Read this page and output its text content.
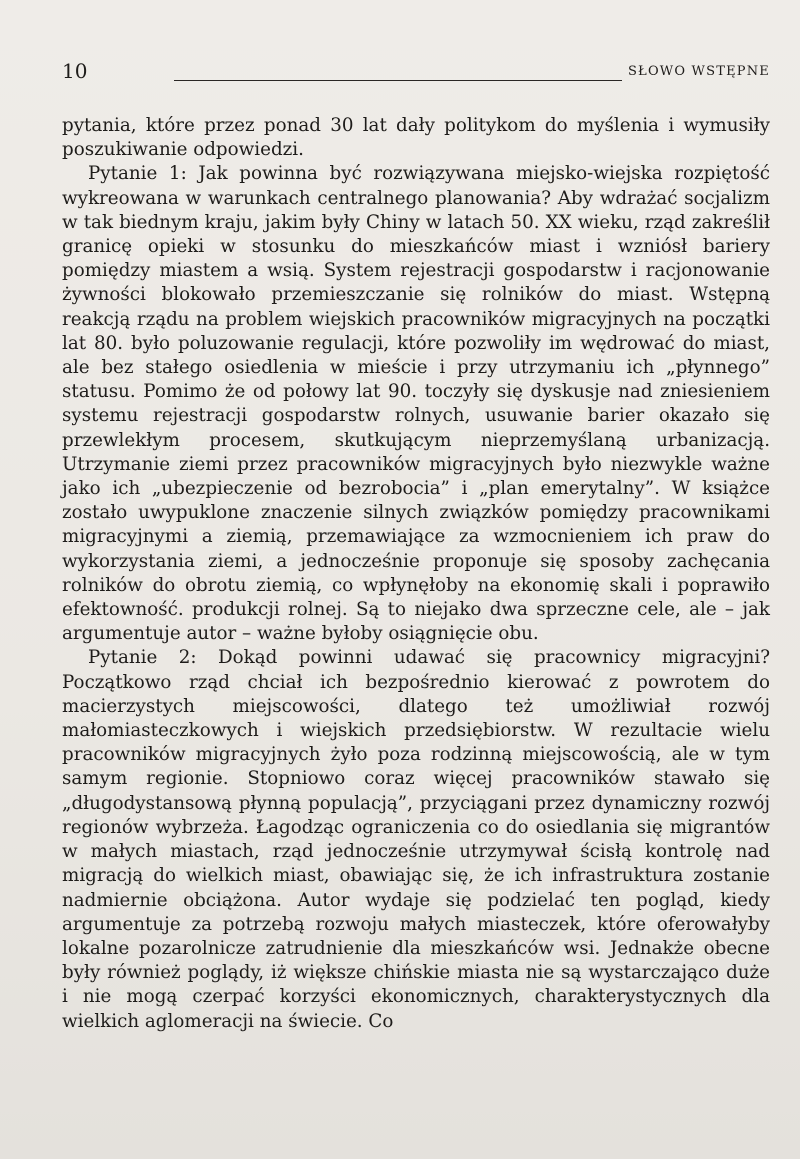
10	SŁOWO WSTĘPNE

pytania, które przez ponad 30 lat dały politykom do myślenia i wymusiły poszukiwanie odpowiedzi.

Pytanie 1: Jak powinna być rozwiązywana miejsko-wiejska rozpiętość wykreowana w warunkach centralnego planowania? Aby wdrażać socjalizm w tak biednym kraju, jakim były Chiny w latach 50. XX wieku, rząd zakreślił granicę opieki w stosunku do mieszkańców miast i wzniósł bariery pomiędzy miastem a wsią. System rejestracji gospodarstw i racjonowanie żywności blokowało przemieszczanie się rolników do miast. Wstępną reakcją rządu na problem wiejskich pracowników migracyjnych na początki lat 80. było poluzowanie regulacji, które pozwoliły im wędrować do miast, ale bez stałego osiedlenia w mieście i przy utrzymaniu ich „płynnego” statusu. Pomimo że od połowy lat 90. toczyły się dyskusje nad zniesieniem systemu rejestracji gospodarstw rolnych, usuwanie barier okazało się przewlekłym procesem, skutkującym nieprzemyślaną urbanizacją. Utrzymanie ziemi przez pracowników migracyjnych było niezwykle ważne jako ich „ubezpieczenie od bezrobocia” i „plan emerytalny”. W książce zostało uwypuklone znaczenie silnych związków pomiędzy pracownikami migracyjnymi a ziemią, przemawiające za wzmocnieniem ich praw do wykorzystania ziemi, a jednocześnie proponuje się sposoby zachęcania rolników do obrotu ziemią, co wpłynęłoby na ekonomię skali i poprawiło efektowność. produkcji rolnej. Są to niejako dwa sprzeczne cele, ale – jak argumentuje autor – ważne byłoby osiągnięcie obu.

Pytanie 2: Dokąd powinni udawać się pracownicy migracyjni? Początkowo rząd chciał ich bezpośrednio kierować z powrotem do macierzystych miejscowości, dlatego też umożliwiał rozwój małomiasteczkowych i wiejskich przedsiębiorstw. W rezultacie wielu pracowników migracyjnych żyło poza rodzinną miejscowością, ale w tym samym regionie. Stopniowo coraz więcej pracowników stawało się „długodystansową płynną populacją”, przyciągani przez dynamiczny rozwój regionów wybrzeża. Łagodząc ograniczenia co do osiedlania się migrantów w małych miastach, rząd jednocześnie utrzymywał ścisłą kontrolę nad migracją do wielkich miast, obawiając się, że ich infrastruktura zostanie nadmiernie obciążona. Autor wydaje się podzielać ten pogląd, kiedy argumentuje za potrzebą rozwoju małych miasteczek, które oferowałyby lokalne pozarolnicze zatrudnienie dla mieszkańców wsi. Jednakże obecne były również poglądy, iż większe chińskie miasta nie są wystarczająco duże i nie mogą czerpać korzyści ekonomicznych, charakterystycznych dla wielkich aglomeracji na świecie. Co
